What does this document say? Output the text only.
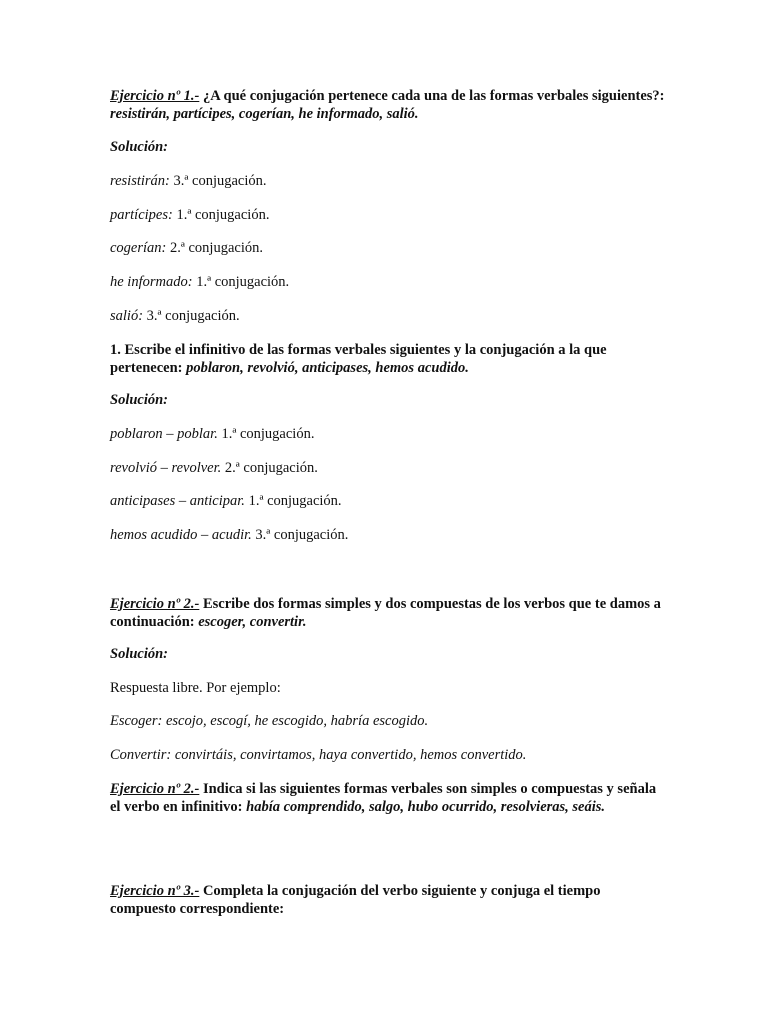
Ejercicio nº 1.- ¿A qué conjugación pertenece cada una de las formas verbales siguientes?: resistirán, partícipes, cogerían, he informado, salió.

Solución:

resistirán: 3.ª conjugación.

partícipes: 1.ª conjugación.

cogerían: 2.ª conjugación.

he informado: 1.ª conjugación.

salió: 3.ª conjugación.

1. Escribe el infinitivo de las formas verbales siguientes y la conjugación a la que pertenecen: poblaron, revolvió, anticipases, hemos acudido.

Solución:

poblaron – poblar. 1.ª conjugación.

revolvió – revolver. 2.ª conjugación.

anticipases – anticipar. 1.ª conjugación.

hemos acudido – acudir. 3.ª conjugación.

Ejercicio nº 2.- Escribe dos formas simples y dos compuestas de los verbos que te damos a continuación: escoger, convertir.

Solución:

Respuesta libre. Por ejemplo:

Escoger: escojo, escogí, he escogido, habría escogido.

Convertir: convirtáis, convirtamos, haya convertido, hemos convertido.

Ejercicio nº 2.- Indica si las siguientes formas verbales son simples o compuestas y señala el verbo en infinitivo: había comprendido, salgo, hubo ocurrido, resolvieras, seáis.

Ejercicio nº 3.- Completa la conjugación del verbo siguiente y conjuga el tiempo compuesto correspondiente:
